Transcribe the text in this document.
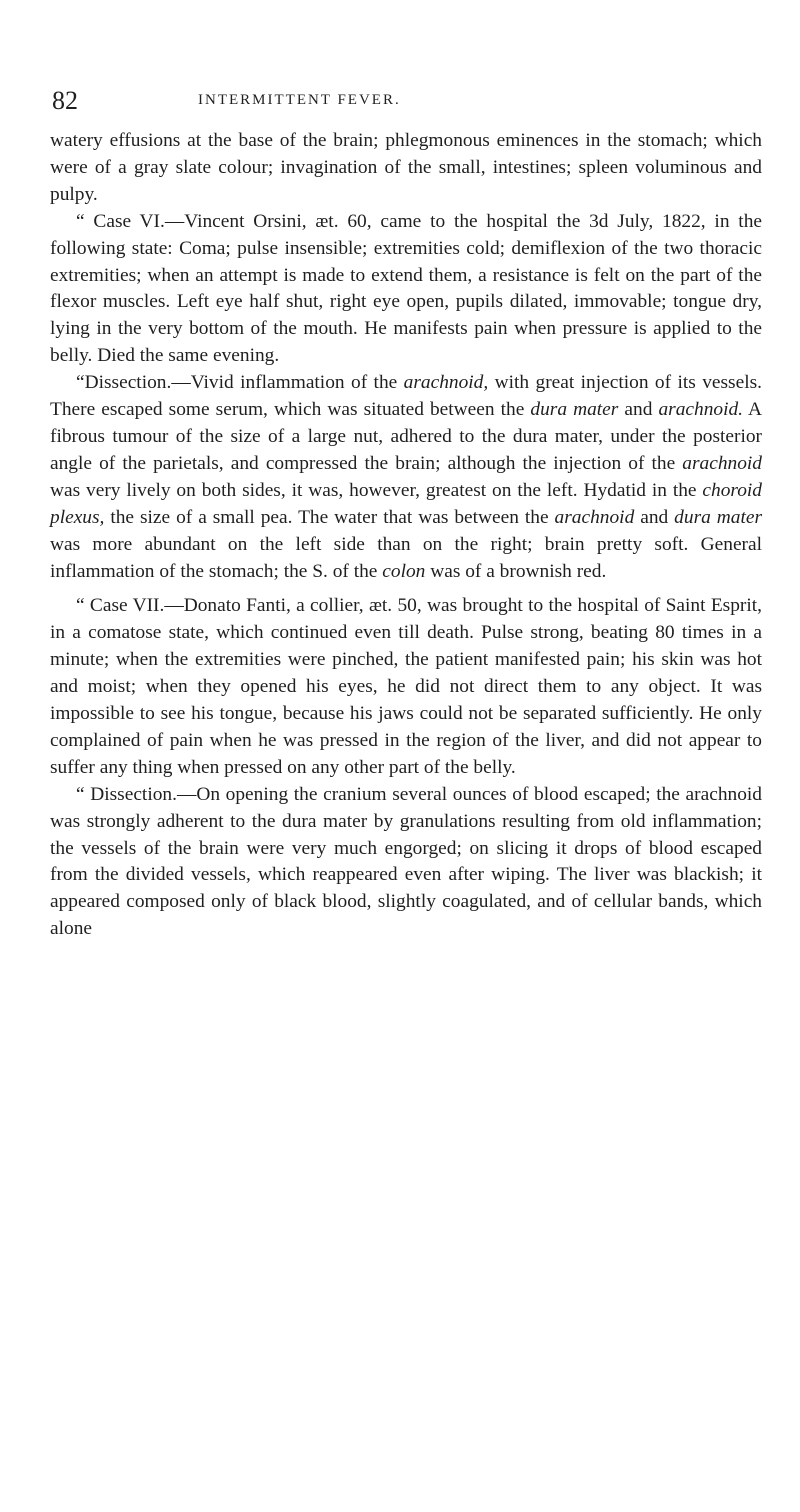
82	INTERMITTENT FEVER.

watery effusions at the base of the brain; phlegmonous eminences in the stomach; which were of a gray slate colour; invagination of the small, intestines; spleen voluminous and pulpy.

“ Case VI.—Vincent Orsini, æt. 60, came to the hospital the 3d July, 1822, in the following state: Coma; pulse insensible; extremities cold; demiflexion of the two thoracic extremities; when an attempt is made to extend them, a resistance is felt on the part of the flexor muscles. Left eye half shut, right eye open, pupils dilated, immovable; tongue dry, lying in the very bottom of the mouth. He manifests pain when pressure is applied to the belly. Died the same evening.

“Dissection.—Vivid inflammation of the arachnoid, with great injection of its vessels. There escaped some serum, which was situated between the dura mater and arachnoid. A fibrous tumour of the size of a large nut, adhered to the dura mater, under the posterior angle of the parietals, and compressed the brain; although the injection of the arachnoid was very lively on both sides, it was, however, greatest on the left. Hydatid in the choroid plexus, the size of a small pea. The water that was between the arachnoid and dura mater was more abundant on the left side than on the right; brain pretty soft. General inflammation of the stomach; the S. of the colon was of a brownish red.

“ Case VII.—Donato Fanti, a collier, æt. 50, was brought to the hospital of Saint Esprit, in a comatose state, which continued even till death. Pulse strong, beating 80 times in a minute; when the extremities were pinched, the patient manifested pain; his skin was hot and moist; when they opened his eyes, he did not direct them to any object. It was impossible to see his tongue, because his jaws could not be separated sufficiently. He only complained of pain when he was pressed in the region of the liver, and did not appear to suffer any thing when pressed on any other part of the belly.

“ Dissection.—On opening the cranium several ounces of blood escaped; the arachnoid was strongly adherent to the dura mater by granulations resulting from old inflammation; the vessels of the brain were very much engorged; on slicing it drops of blood escaped from the divided vessels, which reappeared even after wiping. The liver was blackish; it appeared composed only of black blood, slightly coagulated, and of cellular bands, which alone
